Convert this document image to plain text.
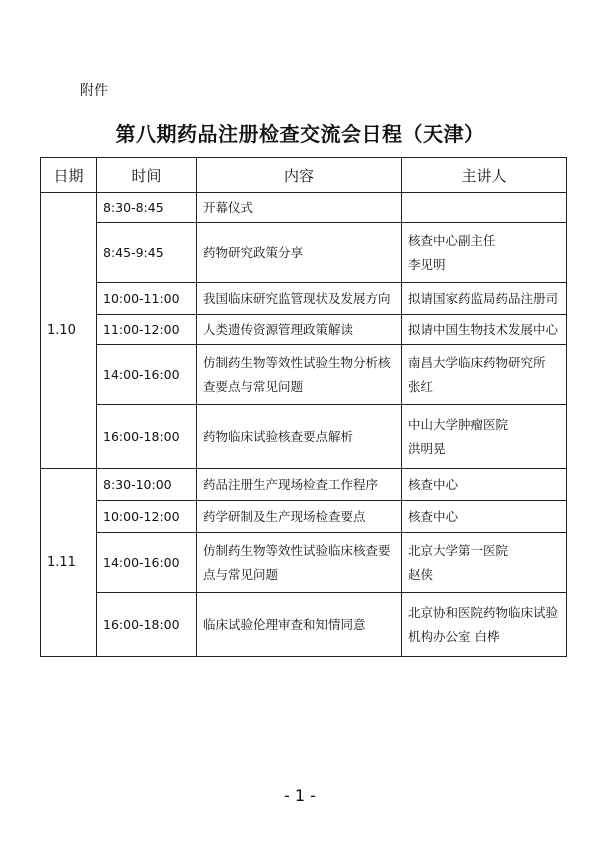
附件
第八期药品注册检查交流会日程（天津）
日期	时间	内容	主讲人
1.10	8:30-8:45	开幕仪式	

	8:45-9:45	药物研究政策分享	核查中心副主任
李见明

	10:00-11:00	我国临床研究监管现状及发展方向	拟请国家药监局药品注册司

	11:00-12:00	人类遗传资源管理政策解读	拟请中国生物技术发展中心

	14:00-16:00	仿制药生物等效性试验生物分析核
查要点与常见问题	南昌大学临床药物研究所
张红

	16:00-18:00	药物临床试验核查要点解析	中山大学肿瘤医院
洪明晃

1.11	8:30-10:00	药品注册生产现场检查工作程序	核查中心

	10:00-12:00	药学研制及生产现场检查要点	核查中心

	14:00-16:00	仿制药生物等效性试验临床核查要
点与常见问题	北京大学第一医院
赵侠

	16:00-18:00	临床试验伦理审查和知情同意	北京协和医院药物临床试验
机构办公室 白桦
- 1 -
